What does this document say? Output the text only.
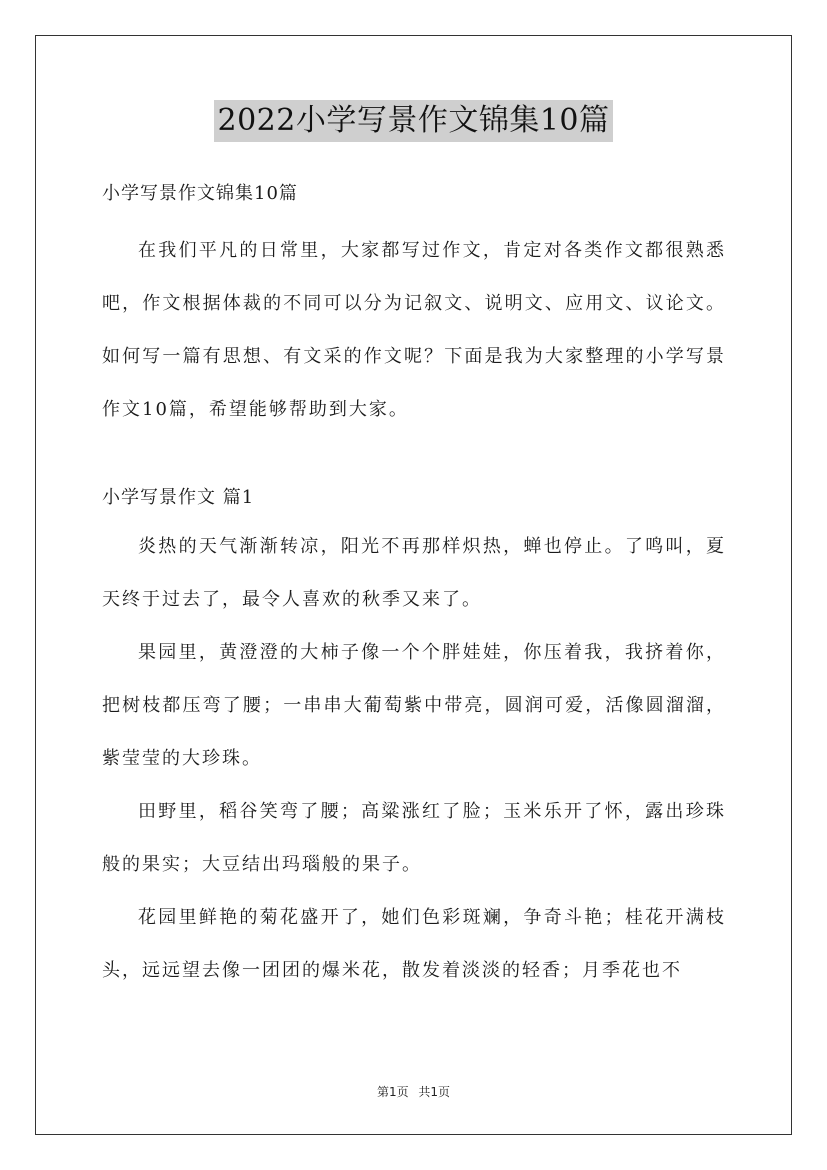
2022小学写景作文锦集10篇

小学写景作文锦集10篇

在我们平凡的日常里，大家都写过作文，肯定对各类作文都很熟悉吧，作文根据体裁的不同可以分为记叙文、说明文、应用文、议论文。如何写一篇有思想、有文采的作文呢？下面是我为大家整理的小学写景作文10篇，希望能够帮助到大家。

小学写景作文 篇1

炎热的天气渐渐转凉，阳光不再那样炽热，蝉也停止。了鸣叫，夏天终于过去了，最令人喜欢的秋季又来了。

果园里，黄澄澄的大柿子像一个个胖娃娃，你压着我，我挤着你，把树枝都压弯了腰；一串串大葡萄紫中带亮，圆润可爱，活像圆溜溜，紫莹莹的大珍珠。

田野里，稻谷笑弯了腰；高粱涨红了脸；玉米乐开了怀，露出珍珠般的果实；大豆结出玛瑙般的果子。

花园里鲜艳的菊花盛开了，她们色彩斑斓，争奇斗艳；桂花开满枝头，远远望去像一团团的爆米花，散发着淡淡的轻香；月季花也不

第1页 共1页
